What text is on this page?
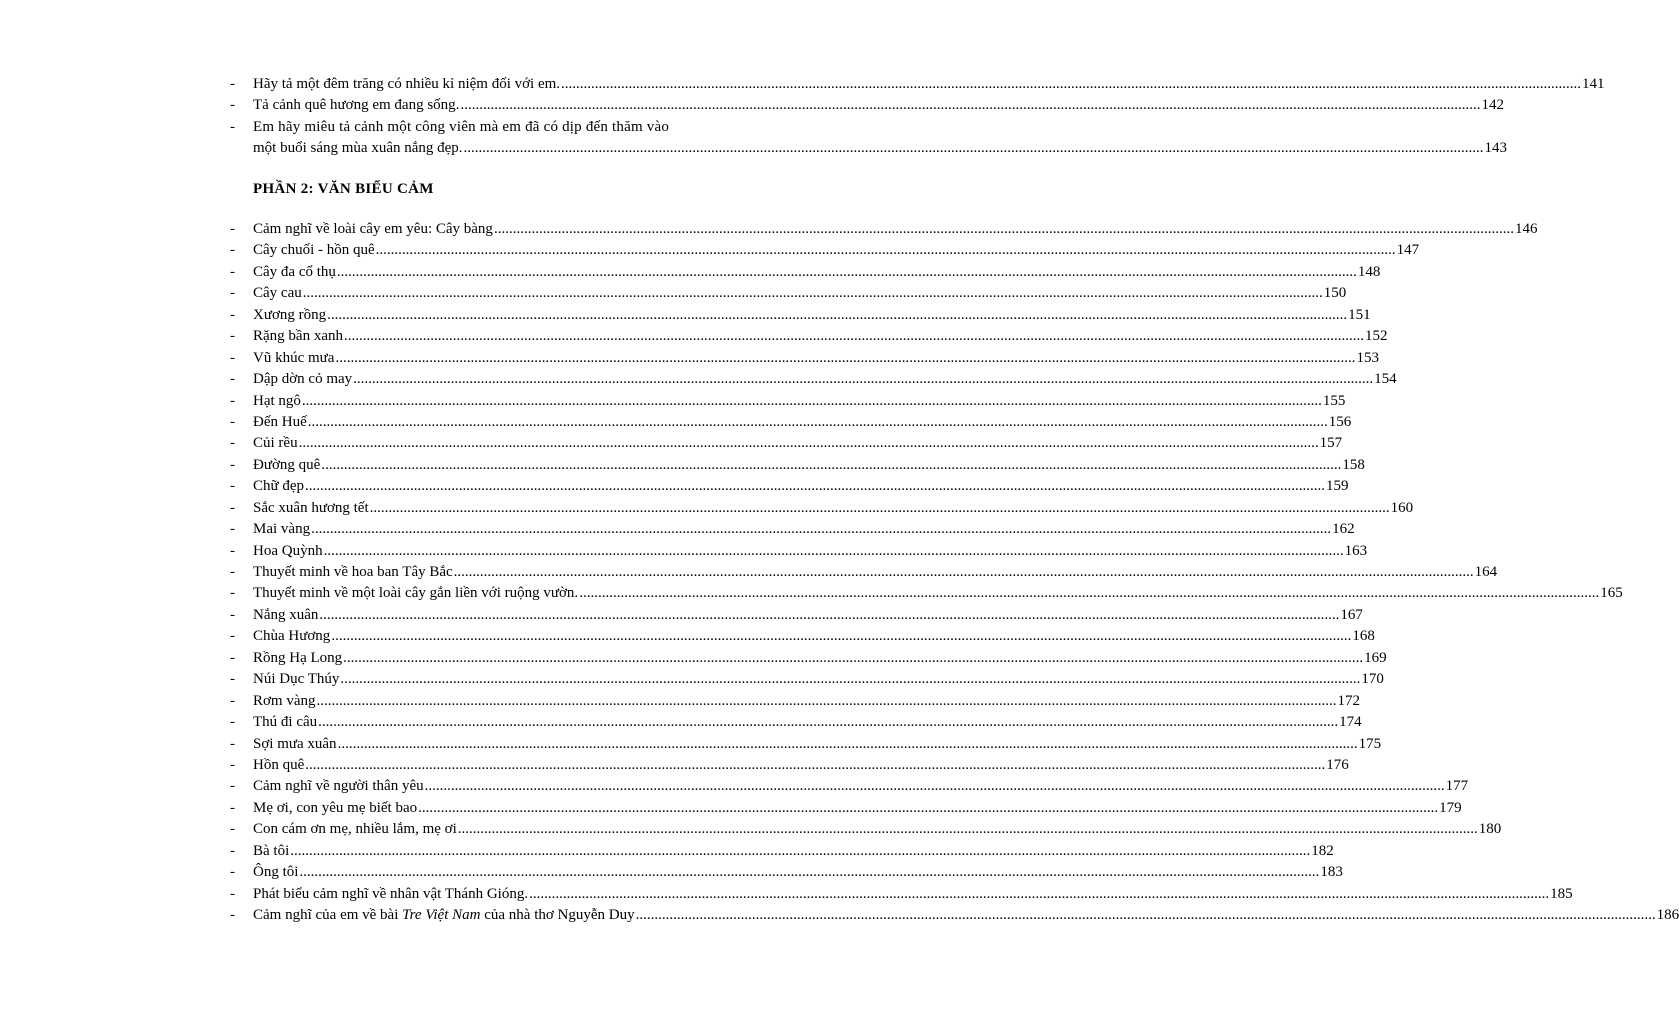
-	Hãy tả một đêm trăng có nhiều kỉ niệm đối với em. .....	141
-	Tả cảnh quê hương em đang sống. .....	142
-	Em hãy miêu tả cảnh một công viên mà em đã có dịp đến thăm vào
một buổi sáng mùa xuân nắng đẹp. .....	143
PHẦN 2: VĂN BIỂU CẢM
-	Cảm nghĩ về loài cây em yêu: Cây bàng .....	146
-	Cây chuối - hồn quê .....	147
-	Cây đa cổ thụ .....	148
-	Cây cau .....	150
-	Xương rồng .....	151
-	Rặng bần xanh .....	152
-	Vũ khúc mưa .....	153
-	Dập dờn cỏ may .....	154
-	Hạt ngô .....	155
-	Đến Huế .....	156
-	Củi rều .....	157
-	Đường quê .....	158
-	Chữ đẹp .....	159
-	Sắc xuân hương tết .....	160
-	Mai vàng .....	162
-	Hoa Quỳnh .....	163
-	Thuyết minh về hoa ban Tây Bắc .....	164
-	Thuyết minh về một loài cây gắn liền với ruộng vườn. .....	165
-	Nắng xuân .....	167
-	Chùa Hương .....	168
-	Rồng Hạ Long .....	169
-	Núi Dục Thúy .....	170
-	Rơm vàng .....	172
-	Thú đi câu .....	174
-	Sợi mưa xuân .....	175
-	Hồn quê .....	176
-	Cảm nghĩ về người thân yêu .....	177
-	Mẹ ơi, con yêu mẹ biết bao .....	179
-	Con cám ơn mẹ, nhiều lắm, mẹ ơi .....	180
-	Bà tôi .....	182
-	Ông tôi .....	183
-	Phát biểu cảm nghĩ về nhân vật Thánh Gióng. .....	185
-	Cảm nghĩ của em về bài Tre Việt Nam của nhà thơ Nguyễn Duy .....	186
